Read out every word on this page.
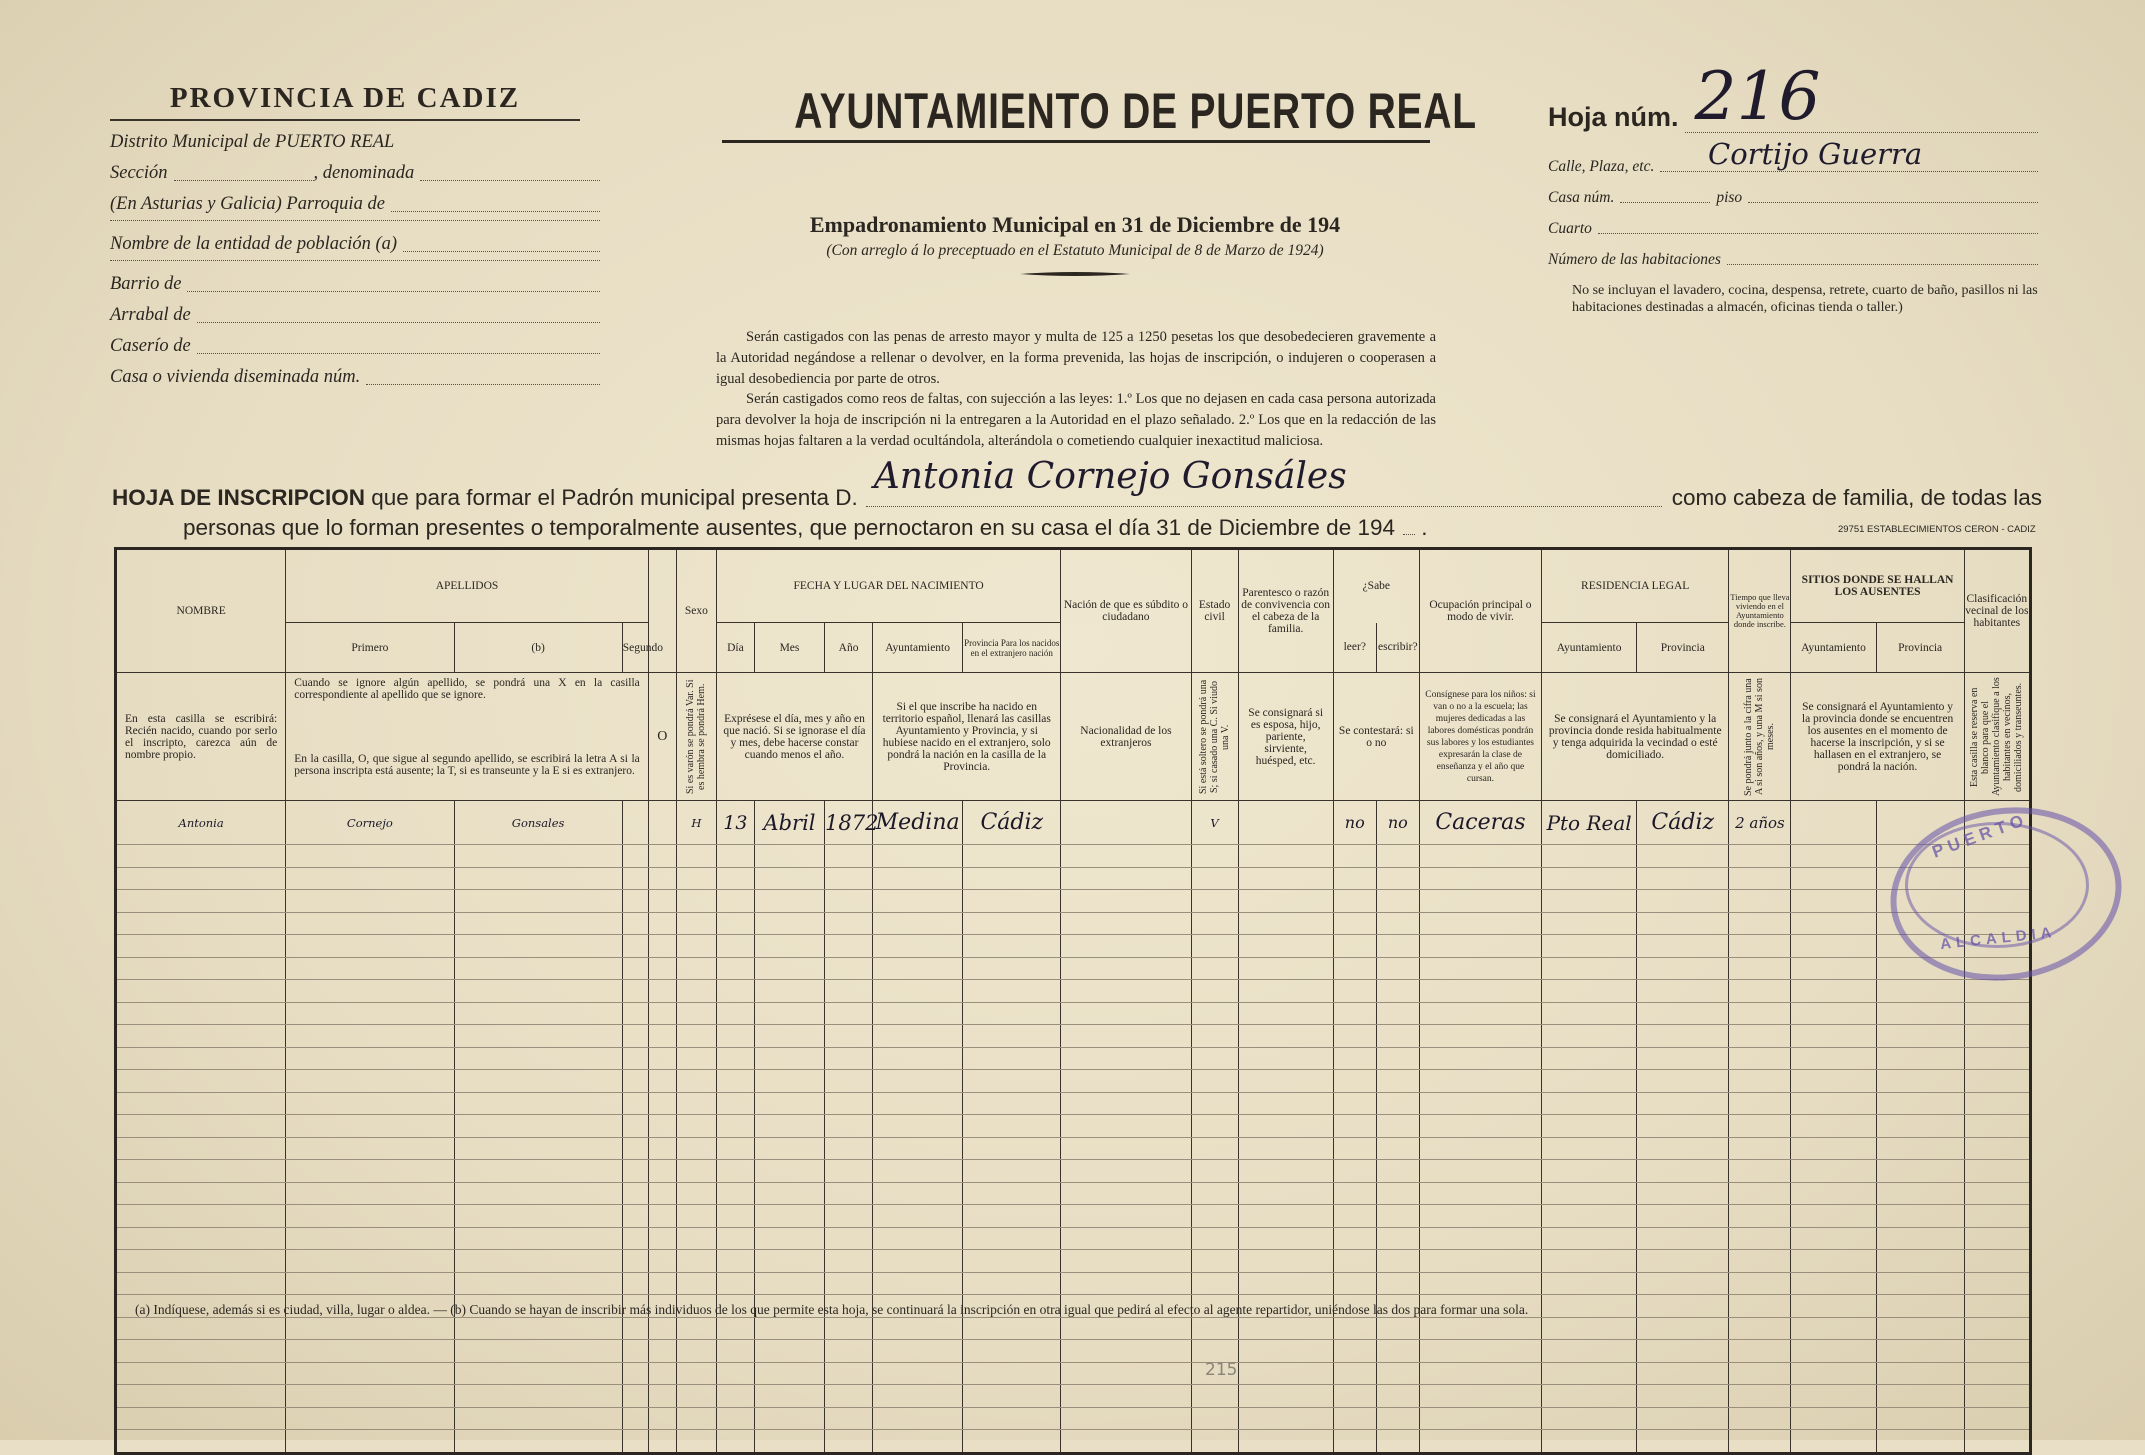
PROVINCIA DE CADIZ
Distrito Municipal de PUERTO REAL
Sección	, denominada
(En Asturias y Galicia) Parroquia de
Nombre de la entidad de población (a)
Barrio de
Arrabal de
Caserío de
Casa o vivienda diseminada núm.
AYUNTAMIENTO DE PUERTO REAL
Empadronamiento Municipal en 31 de Diciembre de 194
(Con arreglo á lo preceptuado en el Estatuto Municipal de 8 de Marzo de 1924)
Serán castigados con las penas de arresto mayor y multa de 125 a 1250 pesetas los que desobedecieren gravemente a la Autoridad negándose a rellenar o devolver, en la forma prevenida, las hojas de inscripción, o indujeren o cooperasen a igual desobediencia por parte de otros.
Serán castigados como reos de faltas, con sujección a las leyes: 1.º Los que no dejasen en cada casa persona autorizada para devolver la hoja de inscripción ni la entregaren a la Autoridad en el plazo señalado. 2.º Los que en la redacción de las mismas hojas faltaren a la verdad ocultándola, alterándola o cometiendo cualquier inexactitud maliciosa.
Hoja núm. 216
Calle, Plaza, etc. Cortijo Guerra
Casa núm.	piso
Cuarto
Número de las habitaciones
No se incluyan el lavadero, cocina, despensa, retrete, cuarto de baño, pasillos ni las habitaciones destinadas a almacén, oficinas tienda o taller.)
HOJA DE INSCRIPCION
que para formar el Padrón municipal presenta D.
Antonia Cornejo Gonsáles
como cabeza de familia, de todas las
personas que lo forman presentes o temporalmente ausentes, que pernoctaron en su casa el día 31 de Diciembre de 194 .	29751 ESTABLECIMIENTOS CERON - CADIZ
NOMBRE	APELLIDOS				Sexo	FECHA Y LUGAR DEL NACIMIENTO					Nación de que es súbdito o ciudadano	Estado civil	Parentesco o razón de convivencia con el cabeza de la familia.	¿Sabe		Ocupación principal o modo de vivir.	RESIDENCIA LEGAL		Tiempo que lleva viviendo en el Ayuntamiento donde inscribe.	SITIOS DONDE SE HALLAN LOS AUSENTES		Clasificación vecinal de los habitantes
	Primero	(b)	Segundo			Día	Mes	Año	Ayuntamiento	Provincia Para los nacidos en el extranjero nación				leer?	escribir?		Ayuntamiento	Provincia		Ayuntamiento	Provincia	
En esta casilla se escribirá: Recién nacido, cuando por serlo el inscripto, carezca aún de nombre propio.	Cuando se ignore algún apellido, se pondrá una X en la casilla correspondiente al apellido que se ignore.
En la casilla, O, que sigue al segundo apellido, se escribirá la letra A si la persona inscripta está ausente; la T, si es transeunte y la E si es extranjero.			O	Si es varón se pondrá Var. Si es hembra se pondrá Hem.	Exprésese el día, mes y año en que nació. Si se ignorase el día y mes, debe hacerse constar cuando menos el año.			Si el que inscribe ha nacido en territorio español, llenará las casillas Ayuntamiento y Provincia, y si hubiese nacido en el extranjero, solo pondrá la nación en la casilla de la Provincia.		Nacionalidad de los extranjeros	Si está soltero se pondrá una S; si casado una C. Si viudo una V.	Se consignará si es esposa, hijo, pariente, sirviente, huésped, etc.	Se contestará: si o no		Consígnese para los niños: si van o no a la escuela; las mujeres dedicadas a las labores domésticas pondrán sus labores y los estudiantes expresarán la clase de enseñanza y el año que cursan.	Se consignará el Ayuntamiento y la provincia donde resida habitualmente y tenga adquirida la vecindad o esté domiciliado.		Se pondrá junto a la cifra una A si son años, y una M si son meses.	Se consignará el Ayuntamiento y la provincia donde se encuentren los ausentes en el momento de hacerse la inscripción, y si se hallasen en el extranjero, se pondrá la nación.		Esta casilla se reserva en blanco para que el Ayuntamiento clasifique a los habitantes en vecinos, domiciliados y transeuntes.

Antonia	Cornejo	Gonsales			H	13	Abril	1872	Medina	Cádiz		V		no	no	Caceras	Pto Real	Cádiz	2 años			

(a) Indíquese, además si es ciudad, villa, lugar o aldea. — (b) Cuando se hayan de inscribir más individuos de los que permite esta hoja, se continuará la inscripción en otra igual que pedirá al efecto al agente repartidor, uniéndose las dos para formar una sola.
PUERTO
ALCALDIA
215
